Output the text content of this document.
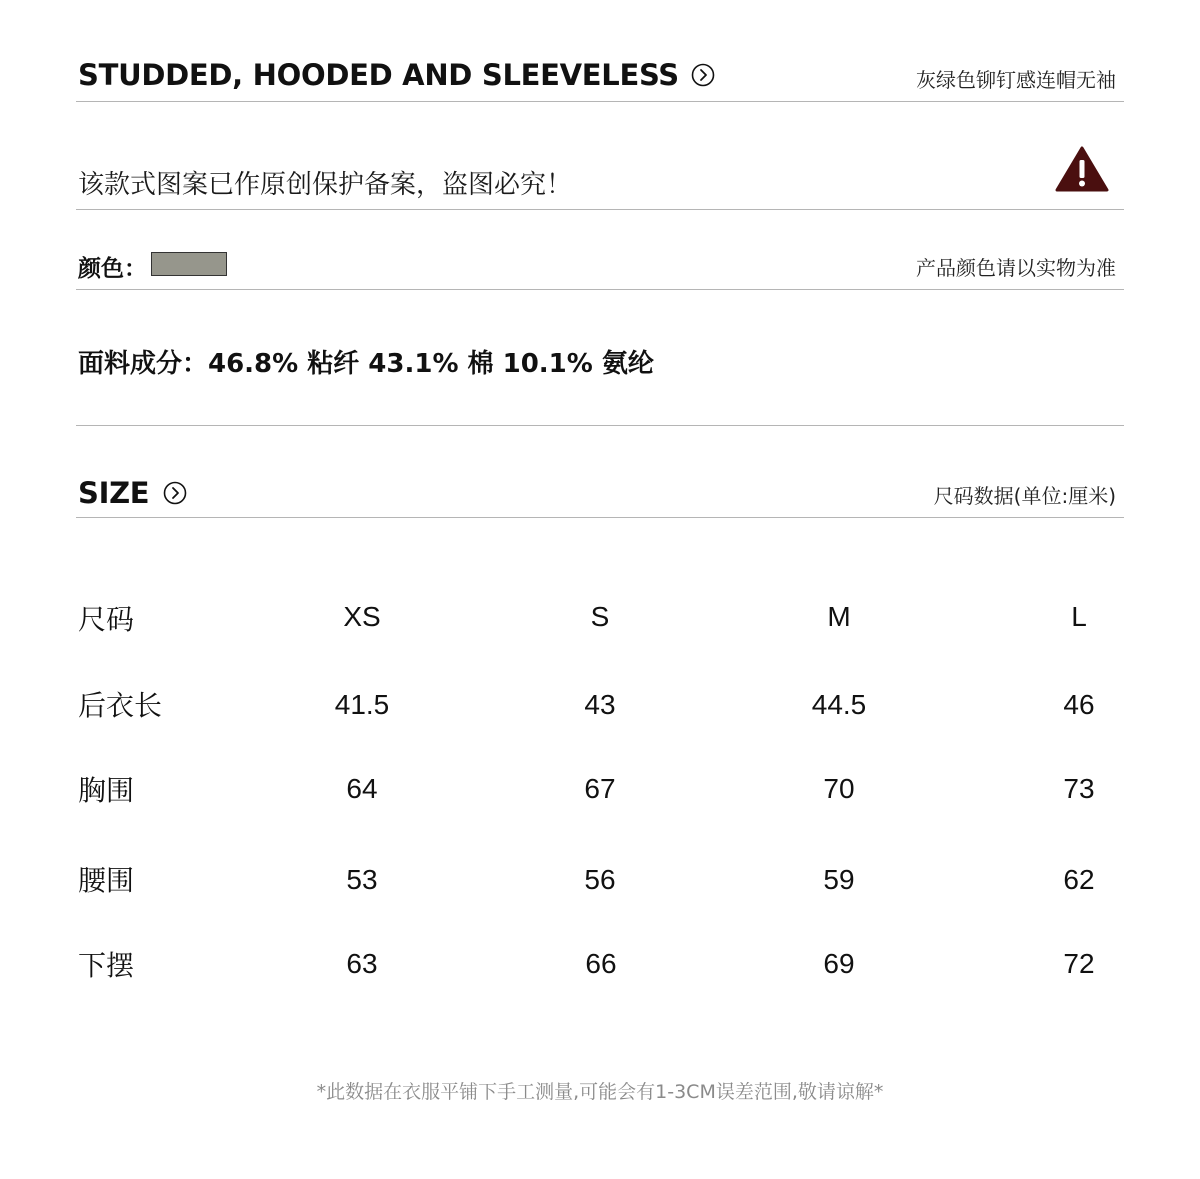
STUDDED, HOODED AND SLEEVELESS	灰绿色铆钉感连帽无袖
该款式图案已作原创保护备案，盗图必究！
颜色：	产品颜色请以实物为准
面料成分：46.8% 粘纤 43.1% 棉 10.1% 氨纶
SIZE	尺码数据(单位:厘米)
尺码	XS	S	M	L
后衣长	41.5	43	44.5	46
胸围	64	67	70	73
腰围	53	56	59	62
下摆	63	66	69	72
*此数据在衣服平铺下手工测量,可能会有1-3CM误差范围,敬请谅解*
